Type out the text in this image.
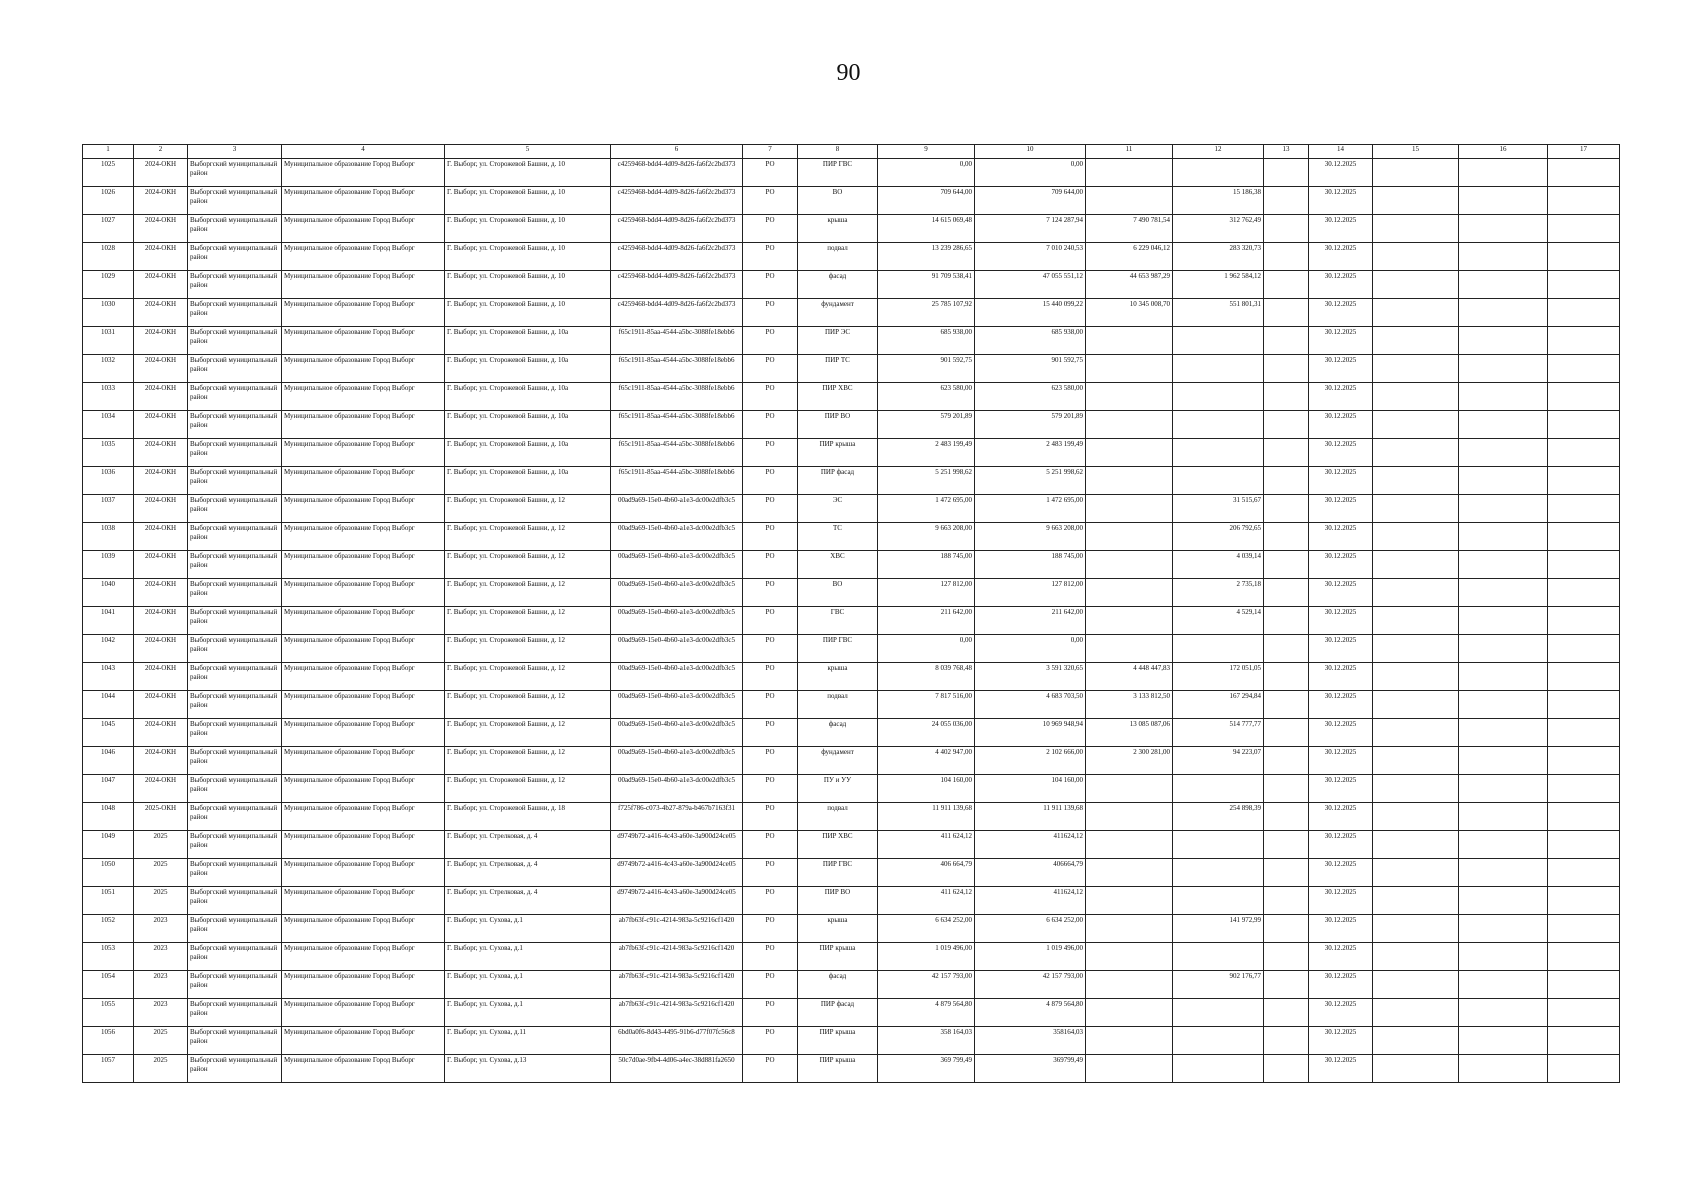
90
1	2	3	4	5	6	7	8	9	10	11	12	13	14	15	16	17
1025	2024-ОКН	Выборгский муниципальный район	Муниципальное образование Город Выборг	Г. Выборг, ул. Сторожевой Башни, д. 10	c4259468-bdd4-4d09-8d26-fa6f2c2bd373	РО	ПИР ГВС	0,00	0,00				30.12.2025			
1026	2024-ОКН	Выборгский муниципальный район	Муниципальное образование Город Выборг	Г. Выборг, ул. Сторожевой Башни, д. 10	c4259468-bdd4-4d09-8d26-fa6f2c2bd373	РО	ВО	709 644,00	709 644,00		15 186,38		30.12.2025			
1027	2024-ОКН	Выборгский муниципальный район	Муниципальное образование Город Выборг	Г. Выборг, ул. Сторожевой Башни, д. 10	c4259468-bdd4-4d09-8d26-fa6f2c2bd373	РО	крыша	14 615 069,48	7 124 287,94	7 490 781,54	312 762,49		30.12.2025			
1028	2024-ОКН	Выборгский муниципальный район	Муниципальное образование Город Выборг	Г. Выборг, ул. Сторожевой Башни, д. 10	c4259468-bdd4-4d09-8d26-fa6f2c2bd373	РО	подвал	13 239 286,65	7 010 240,53	6 229 046,12	283 320,73		30.12.2025			
1029	2024-ОКН	Выборгский муниципальный район	Муниципальное образование Город Выборг	Г. Выборг, ул. Сторожевой Башни, д. 10	c4259468-bdd4-4d09-8d26-fa6f2c2bd373	РО	фасад	91 709 538,41	47 055 551,12	44 653 987,29	1 962 584,12		30.12.2025			
1030	2024-ОКН	Выборгский муниципальный район	Муниципальное образование Город Выборг	Г. Выборг, ул. Сторожевой Башни, д. 10	c4259468-bdd4-4d09-8d26-fa6f2c2bd373	РО	фундамент	25 785 107,92	15 440 099,22	10 345 008,70	551 801,31		30.12.2025			
1031	2024-ОКН	Выборгский муниципальный район	Муниципальное образование Город Выборг	Г. Выборг, ул. Сторожевой Башни, д. 10а	f65c1911-85aa-4544-a5bc-3088fe18ebb6	РО	ПИР ЭС	685 938,00	685 938,00				30.12.2025			
1032	2024-ОКН	Выборгский муниципальный район	Муниципальное образование Город Выборг	Г. Выборг, ул. Сторожевой Башни, д. 10а	f65c1911-85aa-4544-a5bc-3088fe18ebb6	РО	ПИР ТС	901 592,75	901 592,75				30.12.2025			
1033	2024-ОКН	Выборгский муниципальный район	Муниципальное образование Город Выборг	Г. Выборг, ул. Сторожевой Башни, д. 10а	f65c1911-85aa-4544-a5bc-3088fe18ebb6	РО	ПИР ХВС	623 580,00	623 580,00				30.12.2025			
1034	2024-ОКН	Выборгский муниципальный район	Муниципальное образование Город Выборг	Г. Выборг, ул. Сторожевой Башни, д. 10а	f65c1911-85aa-4544-a5bc-3088fe18ebb6	РО	ПИР ВО	579 201,89	579 201,89				30.12.2025			
1035	2024-ОКН	Выборгский муниципальный район	Муниципальное образование Город Выборг	Г. Выборг, ул. Сторожевой Башни, д. 10а	f65c1911-85aa-4544-a5bc-3088fe18ebb6	РО	ПИР крыша	2 483 199,49	2 483 199,49				30.12.2025			
1036	2024-ОКН	Выборгский муниципальный район	Муниципальное образование Город Выборг	Г. Выборг, ул. Сторожевой Башни, д. 10а	f65c1911-85aa-4544-a5bc-3088fe18ebb6	РО	ПИР фасад	5 251 998,62	5 251 998,62				30.12.2025			
1037	2024-ОКН	Выборгский муниципальный район	Муниципальное образование Город Выборг	Г. Выборг, ул. Сторожевой Башни, д. 12	00ad9a69-15e0-4b60-a1e3-dc00e2dfb3c5	РО	ЭС	1 472 695,00	1 472 695,00		31 515,67		30.12.2025			
1038	2024-ОКН	Выборгский муниципальный район	Муниципальное образование Город Выборг	Г. Выборг, ул. Сторожевой Башни, д. 12	00ad9a69-15e0-4b60-a1e3-dc00e2dfb3c5	РО	ТС	9 663 208,00	9 663 208,00		206 792,65		30.12.2025			
1039	2024-ОКН	Выборгский муниципальный район	Муниципальное образование Город Выборг	Г. Выборг, ул. Сторожевой Башни, д. 12	00ad9a69-15e0-4b60-a1e3-dc00e2dfb3c5	РО	ХВС	188 745,00	188 745,00		4 039,14		30.12.2025			
1040	2024-ОКН	Выборгский муниципальный район	Муниципальное образование Город Выборг	Г. Выборг, ул. Сторожевой Башни, д. 12	00ad9a69-15e0-4b60-a1e3-dc00e2dfb3c5	РО	ВО	127 812,00	127 812,00		2 735,18		30.12.2025			
1041	2024-ОКН	Выборгский муниципальный район	Муниципальное образование Город Выборг	Г. Выборг, ул. Сторожевой Башни, д. 12	00ad9a69-15e0-4b60-a1e3-dc00e2dfb3c5	РО	ГВС	211 642,00	211 642,00		4 529,14		30.12.2025			
1042	2024-ОКН	Выборгский муниципальный район	Муниципальное образование Город Выборг	Г. Выборг, ул. Сторожевой Башни, д. 12	00ad9a69-15e0-4b60-a1e3-dc00e2dfb3c5	РО	ПИР ГВС	0,00	0,00				30.12.2025			
1043	2024-ОКН	Выборгский муниципальный район	Муниципальное образование Город Выборг	Г. Выборг, ул. Сторожевой Башни, д. 12	00ad9a69-15e0-4b60-a1e3-dc00e2dfb3c5	РО	крыша	8 039 768,48	3 591 320,65	4 448 447,83	172 051,05		30.12.2025			
1044	2024-ОКН	Выборгский муниципальный район	Муниципальное образование Город Выборг	Г. Выборг, ул. Сторожевой Башни, д. 12	00ad9a69-15e0-4b60-a1e3-dc00e2dfb3c5	РО	подвал	7 817 516,00	4 683 703,50	3 133 812,50	167 294,84		30.12.2025			
1045	2024-ОКН	Выборгский муниципальный район	Муниципальное образование Город Выборг	Г. Выборг, ул. Сторожевой Башни, д. 12	00ad9a69-15e0-4b60-a1e3-dc00e2dfb3c5	РО	фасад	24 055 036,00	10 969 948,94	13 085 087,06	514 777,77		30.12.2025			
1046	2024-ОКН	Выборгский муниципальный район	Муниципальное образование Город Выборг	Г. Выборг, ул. Сторожевой Башни, д. 12	00ad9a69-15e0-4b60-a1e3-dc00e2dfb3c5	РО	фундамент	4 402 947,00	2 102 666,00	2 300 281,00	94 223,07		30.12.2025			
1047	2024-ОКН	Выборгский муниципальный район	Муниципальное образование Город Выборг	Г. Выборг, ул. Сторожевой Башни, д. 12	00ad9a69-15e0-4b60-a1e3-dc00e2dfb3c5	РО	ПУ и УУ	104 160,00	104 160,00				30.12.2025			
1048	2025-ОКН	Выборгский муниципальный район	Муниципальное образование Город Выборг	Г. Выборг, ул. Сторожевой Башни, д. 18	f725f786-c073-4b27-879a-b467b7163f31	РО	подвал	11 911 139,68	11 911 139,68		254 898,39		30.12.2025			
1049	2025	Выборгский муниципальный район	Муниципальное образование Город Выборг	Г. Выборг, ул. Стрелковая, д. 4	d9749b72-a416-4c43-a60e-3a900d24ce05	РО	ПИР ХВС	411 624,12	411624,12				30.12.2025			
1050	2025	Выборгский муниципальный район	Муниципальное образование Город Выборг	Г. Выборг, ул. Стрелковая, д. 4	d9749b72-a416-4c43-a60e-3a900d24ce05	РО	ПИР ГВС	406 664,79	406664,79				30.12.2025			
1051	2025	Выборгский муниципальный район	Муниципальное образование Город Выборг	Г. Выборг, ул. Стрелковая, д. 4	d9749b72-a416-4c43-a60e-3a900d24ce05	РО	ПИР ВО	411 624,12	411624,12				30.12.2025			
1052	2023	Выборгский муниципальный район	Муниципальное образование Город Выборг	Г. Выборг, ул. Сухова, д.1	ab7fb63f-c91c-4214-983a-5c9216cf1420	РО	крыша	6 634 252,00	6 634 252,00		141 972,99		30.12.2025			
1053	2023	Выборгский муниципальный район	Муниципальное образование Город Выборг	Г. Выборг, ул. Сухова, д.1	ab7fb63f-c91c-4214-983a-5c9216cf1420	РО	ПИР крыша	1 019 496,00	1 019 496,00				30.12.2025			
1054	2023	Выборгский муниципальный район	Муниципальное образование Город Выборг	Г. Выборг, ул. Сухова, д.1	ab7fb63f-c91c-4214-983a-5c9216cf1420	РО	фасад	42 157 793,00	42 157 793,00		902 176,77		30.12.2025			
1055	2023	Выборгский муниципальный район	Муниципальное образование Город Выборг	Г. Выборг, ул. Сухова, д.1	ab7fb63f-c91c-4214-983a-5c9216cf1420	РО	ПИР фасад	4 879 564,80	4 879 564,80				30.12.2025			
1056	2025	Выборгский муниципальный район	Муниципальное образование Город Выборг	Г. Выборг, ул. Сухова, д.11	6bd0a0f6-8d43-4495-91b6-d77f07fc56c8	РО	ПИР крыша	358 164,03	358164,03				30.12.2025			
1057	2025	Выборгский муниципальный район	Муниципальное образование Город Выборг	Г. Выборг, ул. Сухова, д.13	50c7d0ae-9fb4-4d06-a4ec-38d881fa2650	РО	ПИР крыша	369 799,49	369799,49				30.12.2025			
